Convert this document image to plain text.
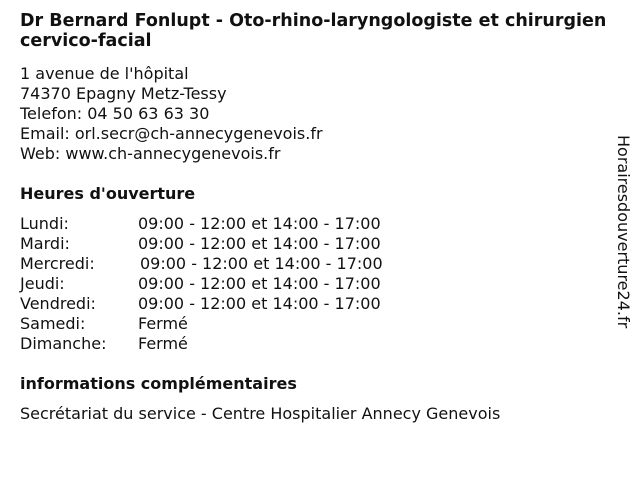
Dr Bernard Fonlupt - Oto-rhino-laryngologiste et chirurgien cervico-facial
1 avenue de l'hôpital
74370 Epagny Metz-Tessy
Telefon: 04 50 63 63 30
Email: orl.secr@ch-annecygenevois.fr
Web: www.ch-annecygenevois.fr
Heures d'ouverture
Lundi:	09:00 - 12:00 et 14:00 - 17:00
Mardi:	09:00 - 12:00 et 14:00 - 17:00
Mercredi:	09:00 - 12:00 et 14:00 - 17:00
Jeudi:	09:00 - 12:00 et 14:00 - 17:00
Vendredi:	09:00 - 12:00 et 14:00 - 17:00
Samedi:	Fermé
Dimanche: Fermé
informations complémentaires
Secrétariat du service - Centre Hospitalier Annecy Genevois
Horairesdouverture24.fr
